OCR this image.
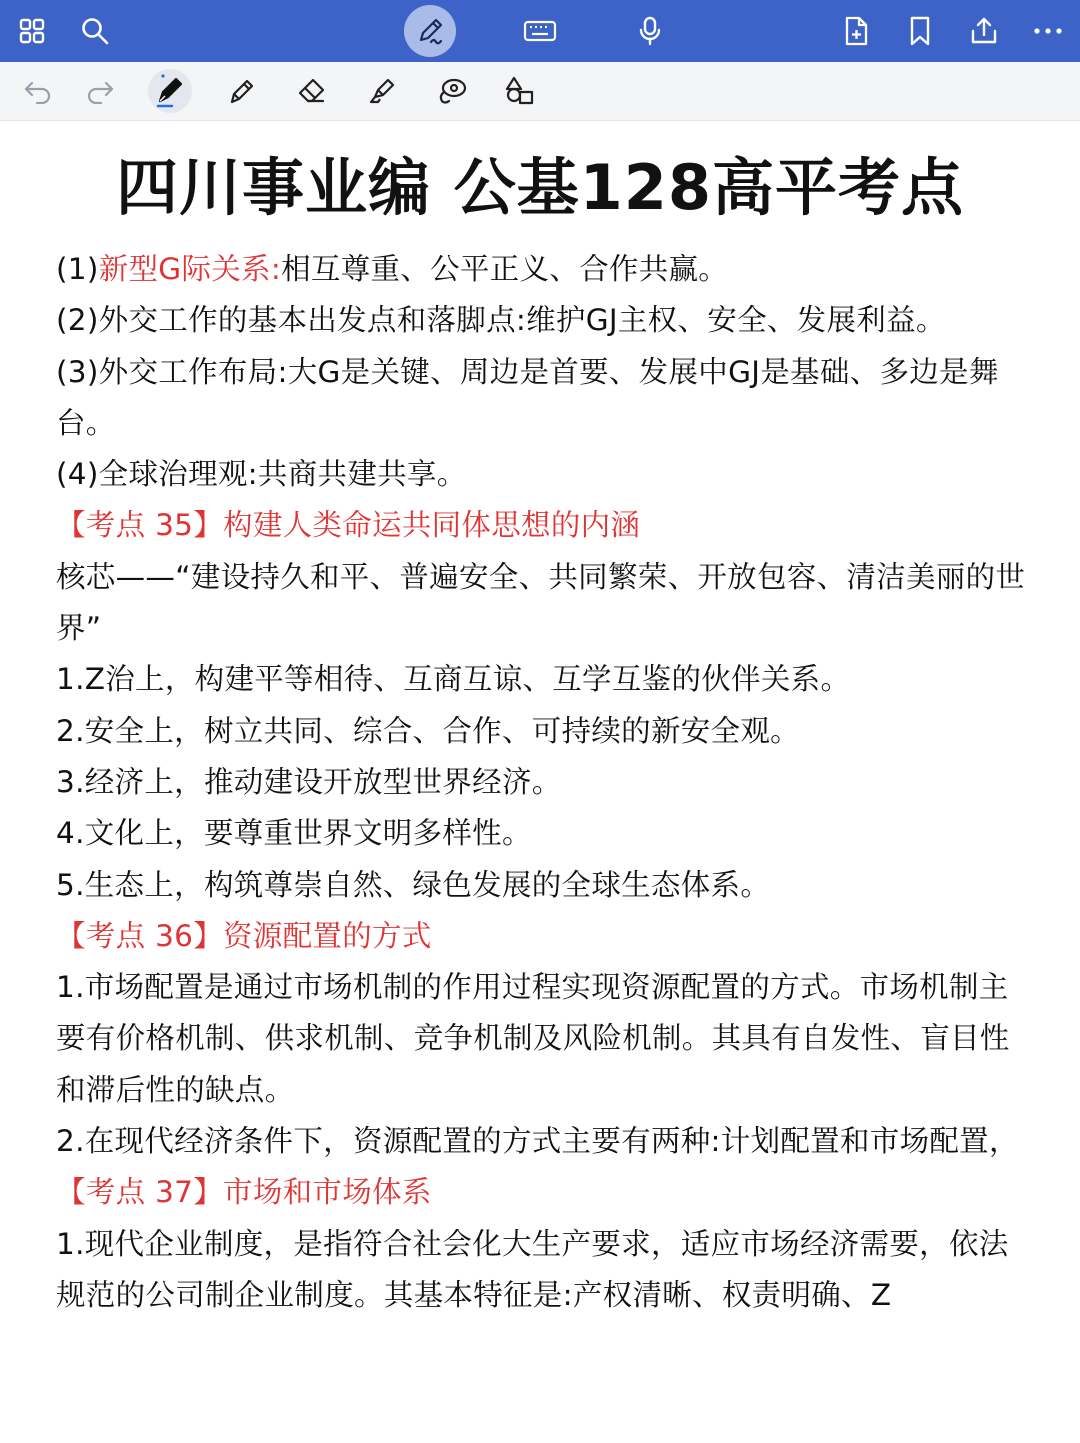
四川事业编 公基128高平考点

(1)新型G际关系:相互尊重、公平正义、合作共赢。

(2)外交工作的基本出发点和落脚点:维护GJ主权、安全、发展利益。

(3)外交工作布局:大G是关键、周边是首要、发展中GJ是基础、多边是舞台。

(4)全球治理观:共商共建共享。

【考点 35】构建人类命运共同体思想的内涵

核芯——“建设持久和平、普遍安全、共同繁荣、开放包容、清洁美丽的世界”

1.Z治上，构建平等相待、互商互谅、互学互鉴的伙伴关系。

2.安全上，树立共同、综合、合作、可持续的新安全观。

3.经济上，推动建设开放型世界经济。

4.文化上，要尊重世界文明多样性。

5.生态上，构筑尊崇自然、绿色发展的全球生态体系。

【考点 36】资源配置的方式

1.市场配置是通过市场机制的作用过程实现资源配置的方式。市场机制主要有价格机制、供求机制、竞争机制及风险机制。其具有自发性、盲目性和滞后性的缺点。

2.在现代经济条件下，资源配置的方式主要有两种:计划配置和市场配置，

【考点 37】市场和市场体系

1.现代企业制度，是指符合社会化大生产要求，适应市场经济需要，依法规范的公司制企业制度。其基本特征是:产权清晰、权责明确、Z
